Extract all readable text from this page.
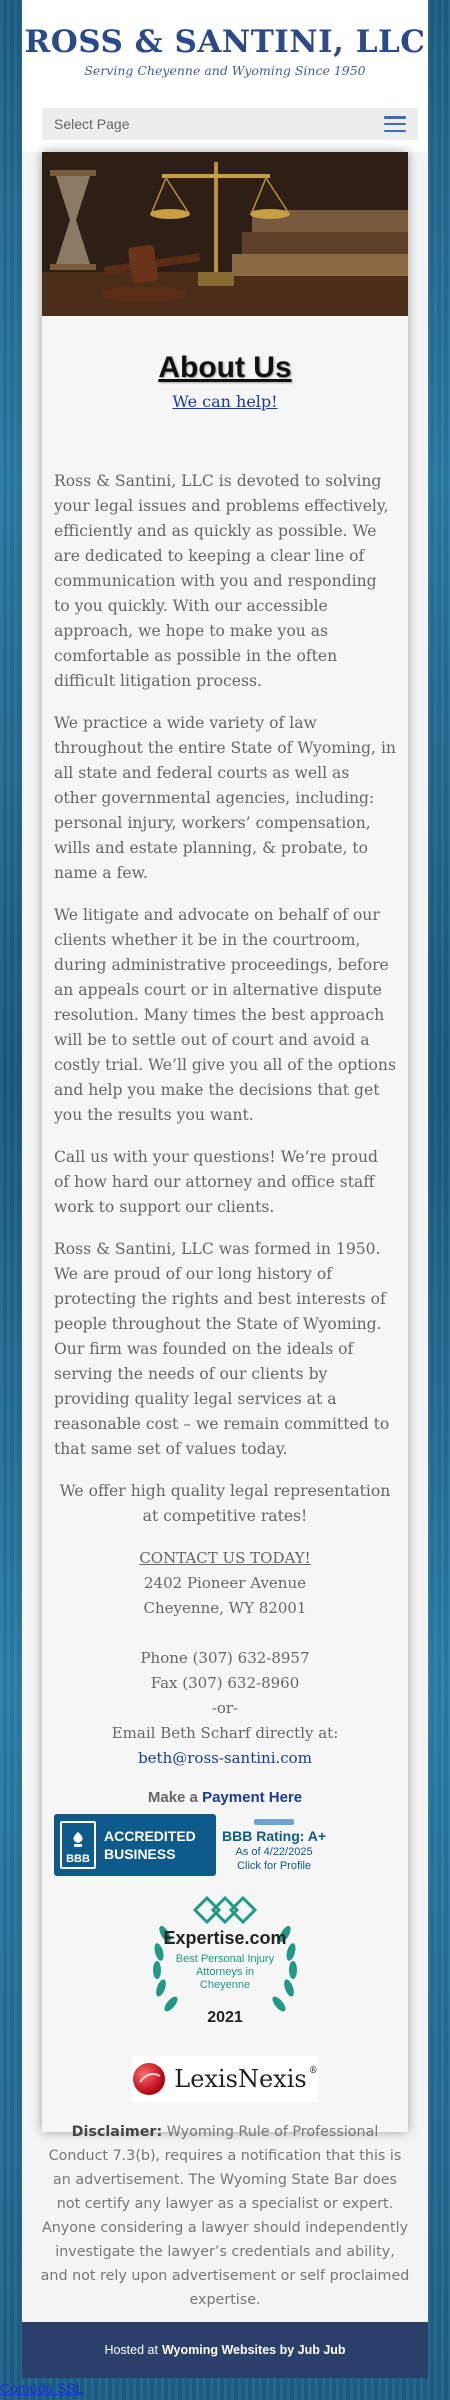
ROSS & SANTINI, LLC
Serving Cheyenne and Wyoming Since 1950
Select Page
About Us
We can help!

Ross & Santini, LLC is devoted to solving your legal issues and problems effectively, efficiently and as quickly as possible. We are dedicated to keeping a clear line of communication with you and responding to you quickly. With our accessible approach, we hope to make you as comfortable as possible in the often difficult litigation process.

We practice a wide variety of law throughout the entire State of Wyoming, in all state and federal courts as well as other governmental agencies, including: personal injury, workers’ compensation, wills and estate planning, & probate, to name a few.

We litigate and advocate on behalf of our clients whether it be in the courtroom, during administrative proceedings, before an appeals court or in alternative dispute resolution. Many times the best approach will be to settle out of court and avoid a costly trial. We’ll give you all of the options and help you make the decisions that get you the results you want.

Call us with your questions! We’re proud of how hard our attorney and office staff work to support our clients.

Ross & Santini, LLC was formed in 1950. We are proud of our long history of protecting the rights and best interests of people throughout the State of Wyoming. Our firm was founded on the ideals of serving the needs of our clients by providing quality legal services at a reasonable cost – we remain committed to that same set of values today.

We offer high quality legal representation at competitive rates!

CONTACT US TODAY!
2402 Pioneer Avenue
Cheyenne, WY 82001
Phone (307) 632-8957
Fax (307) 632-8960
-or-
Email Beth Scharf directly at:
beth@ross-santini.com
Make a Payment Here
BBB
ACCREDITED
BUSINESS
BBB Rating: A+
As of 4/22/2025
Click for Profile
Expertise.com
Best Personal Injury
Attorneys in
Cheyenne
2021
LexisNexis ®
Disclaimer: Wyoming Rule of Professional Conduct 7.3(b), requires a notification that this is an advertisement. The Wyoming State Bar does not certify any lawyer as a specialist or expert. Anyone considering a lawyer should independently investigate the lawyer’s credentials and ability, and not rely upon advertisement or self proclaimed expertise.
Hosted at Wyoming Websites by Jub Jub
Comodo SSL
